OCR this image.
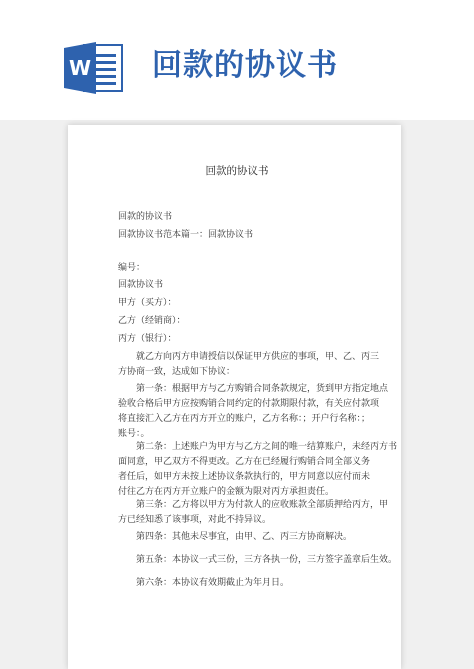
W 回款的协议书
回款的协议书
回款的协议书
回款协议书范本篇一：回款协议书
编号：
回款协议书
甲方（买方）：
乙方（经销商）：
丙方（银行）：
就乙方向丙方申请授信以保证甲方供应的事项，甲、乙、丙三
方协商一致，达成如下协议：
第一条：根据甲方与乙方购销合同条款规定，货到甲方指定地点
验收合格后甲方应按购销合同约定的付款期限付款，有关应付款项
将直接汇入乙方在丙方开立的账户，乙方名称：；开户行名称：；
账号：。
第二条：上述账户为甲方与乙方之间的唯一结算账户，未经丙方书
面同意，甲乙双方不得更改。乙方在已经履行购销合同全部义务
者任后，如甲方未按上述协议条款执行的，甲方同意以应付而未
付往乙方在丙方开立账户的金额为限对丙方承担责任。
第三条：乙方将以甲方为付款人的应收账款全部质押给丙方，甲
方已经知悉了该事项，对此不持异议。
第四条：其他未尽事宜，由甲、乙、丙三方协商解决。
第五条：本协议一式三份，三方各执一份，三方签字盖章后生效。
第六条：本协议有效期截止为年月日。
